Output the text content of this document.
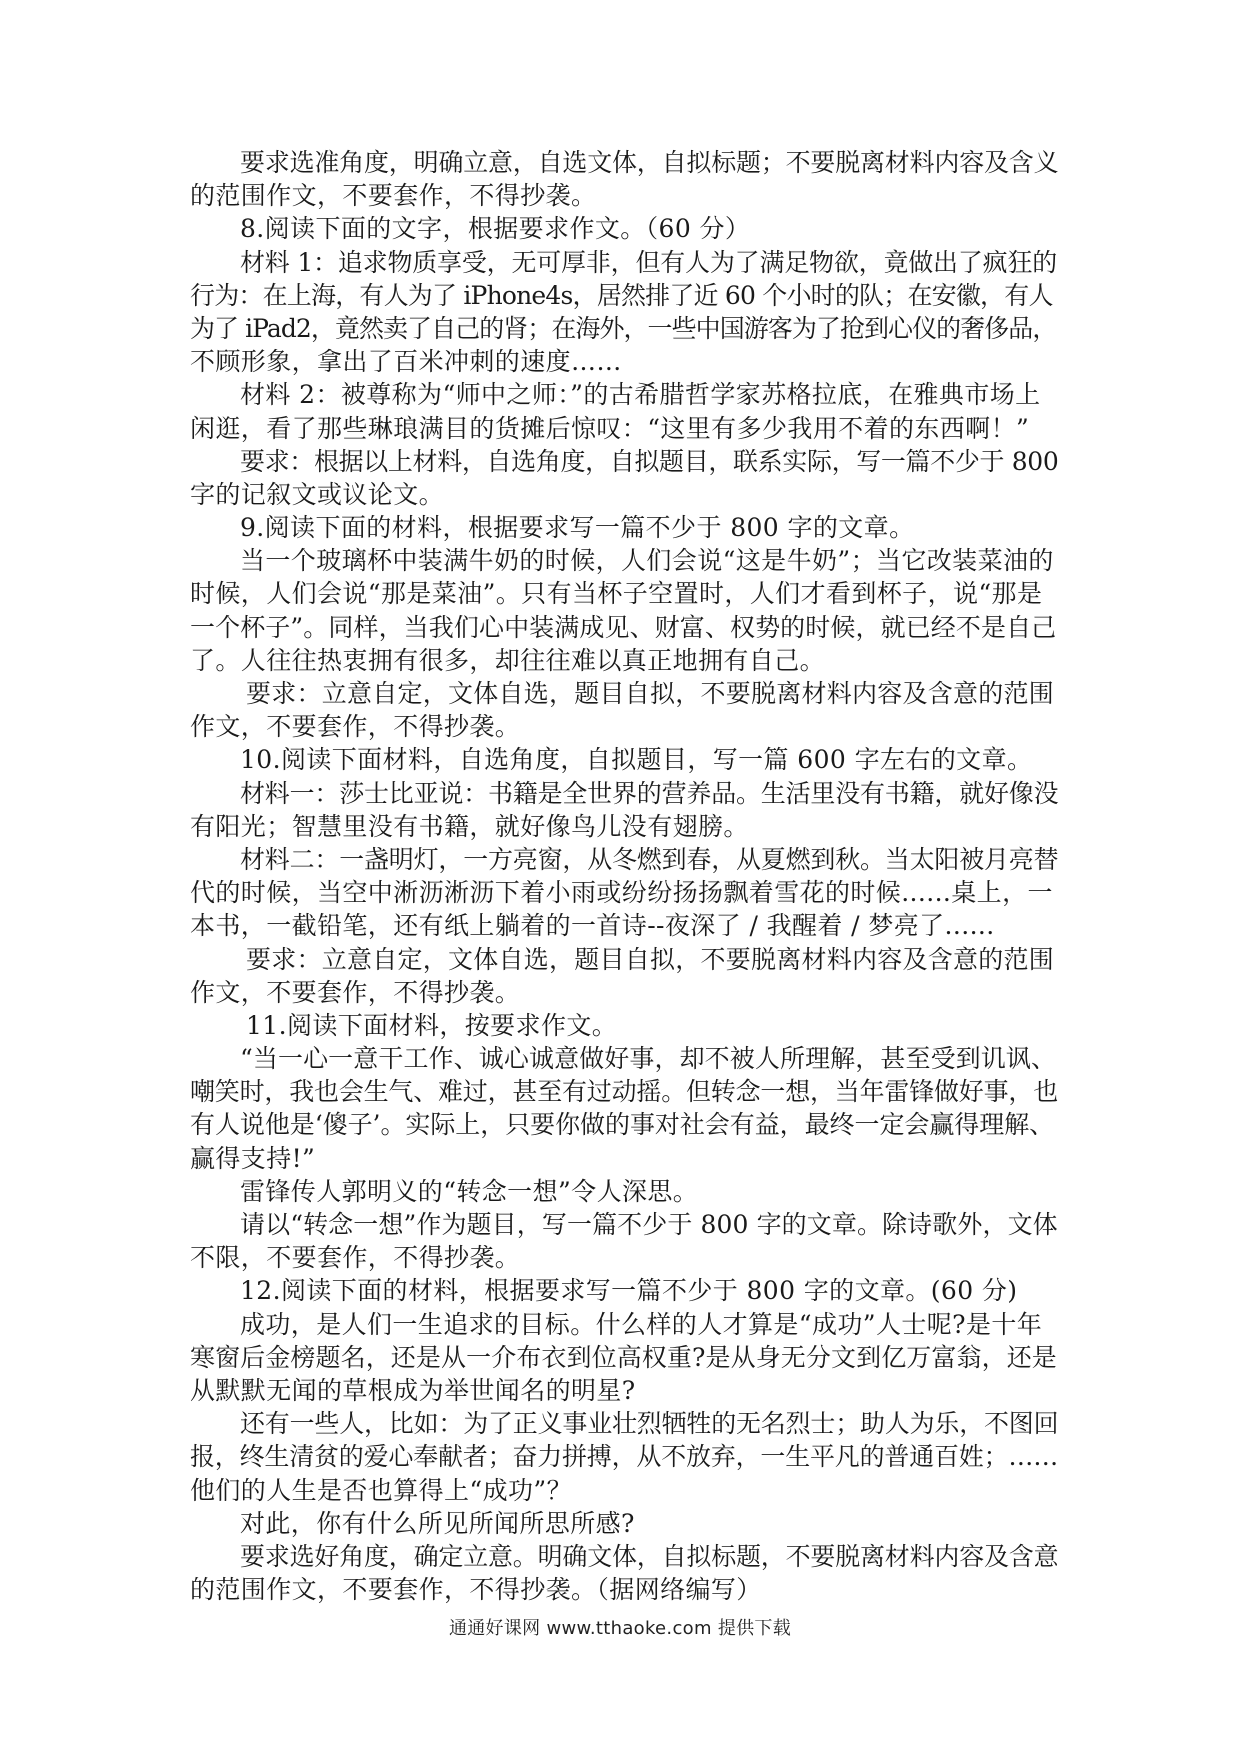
要求选准角度，明确立意，自选文体，自拟标题；不要脱离材料内容及含义
的范围作文，不要套作，不得抄袭。
8.阅读下面的文字，根据要求作文。（60 分）
材料 1：追求物质享受，无可厚非，但有人为了满足物欲，竟做出了疯狂的
行为：在上海，有人为了 iPhone4s，居然排了近 60 个小时的队；在安徽，有人
为了 iPad2，竟然卖了自己的肾；在海外，一些中国游客为了抢到心仪的奢侈品，
不顾形象，拿出了百米冲刺的速度……
材料 2：被尊称为“师中之师：”的古希腊哲学家苏格拉底，在雅典市场上
闲逛，看了那些琳琅满目的货摊后惊叹：“这里有多少我用不着的东西啊！”
要求：根据以上材料，自选角度，自拟题目，联系实际，写一篇不少于 800
字的记叙文或议论文。
9.阅读下面的材料，根据要求写一篇不少于 800 字的文章。
当一个玻璃杯中装满牛奶的时候，人们会说“这是牛奶”；当它改装菜油的
时候，人们会说“那是菜油”。只有当杯子空置时，人们才看到杯子，说“那是
一个杯子”。同样，当我们心中装满成见、财富、权势的时候，就已经不是自己
了。人往往热衷拥有很多，却往往难以真正地拥有自己。
要求：立意自定，文体自选，题目自拟，不要脱离材料内容及含意的范围
作文，不要套作，不得抄袭。
10.阅读下面材料，自选角度，自拟题目，写一篇 600 字左右的文章。
材料一：莎士比亚说：书籍是全世界的营养品。生活里没有书籍，就好像没
有阳光；智慧里没有书籍，就好像鸟儿没有翅膀。
材料二：一盏明灯，一方亮窗，从冬燃到春，从夏燃到秋。当太阳被月亮替
代的时候，当空中淅沥淅沥下着小雨或纷纷扬扬飘着雪花的时候......桌上，一
本书，一截铅笔，还有纸上躺着的一首诗--夜深了 / 我醒着 / 梦亮了......
要求：立意自定，文体自选，题目自拟，不要脱离材料内容及含意的范围
作文，不要套作，不得抄袭。
11.阅读下面材料，按要求作文。
“当一心一意干工作、诚心诚意做好事，却不被人所理解，甚至受到讥讽、
嘲笑时，我也会生气、难过，甚至有过动摇。但转念一想，当年雷锋做好事，也
有人说他是‘傻子’。实际上，只要你做的事对社会有益，最终一定会赢得理解、
赢得支持!”
雷锋传人郭明义的“转念一想”令人深思。
请以“转念一想”作为题目，写一篇不少于 800 字的文章。除诗歌外，文体
不限，不要套作，不得抄袭。
12.阅读下面的材料，根据要求写一篇不少于 800 字的文章。(60 分)
成功，是人们一生追求的目标。什么样的人才算是“成功”人士呢?是十年
寒窗后金榜题名，还是从一介布衣到位高权重?是从身无分文到亿万富翁，还是
从默默无闻的草根成为举世闻名的明星?
还有一些人，比如：为了正义事业壮烈牺牲的无名烈士；助人为乐，不图回
报，终生清贫的爱心奉献者；奋力拼搏，从不放弃，一生平凡的普通百姓；……
他们的人生是否也算得上“成功”？
对此，你有什么所见所闻所思所感?
要求选好角度，确定立意。明确文体，自拟标题，不要脱离材料内容及含意
的范围作文，不要套作，不得抄袭。（据网络编写）
通通好课网 www.tthaoke.com 提供下载
